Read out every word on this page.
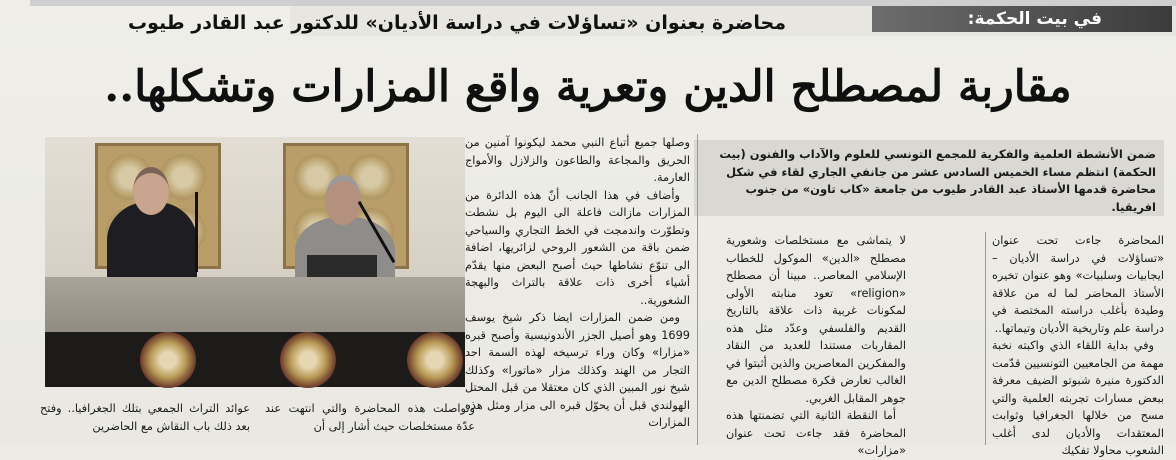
في بيت الحكمة:
محاضرة بعنوان «تساؤلات في دراسة الأديان» للدكتور عبد القادر طيوب
مقاربة لمصطلح الدين وتعرية واقع المزارات وتشكلها..
ضمن الأنشطة العلمية والفكرية للمجمع التونسي للعلوم والآداب والفنون (بيت الحكمة) انتظم مساء الخميس السادس عشر من جانفي الجاري لقاء في شكل محاضرة قدمها الأستاذ عبد القادر طيوب من جامعة «كاب تاون» من جنوب افريقيا.

المحاضرة جاءت تحت عنوان «تساؤلات في دراسة الأديان – ايجابيات وسلبيات» وهو عنوان تخيره الأستاذ المحاضر لما له من علاقة وطيدة بأغلب دراسته المختصة في دراسة علم وتاريخية الأديان وتيماتها..

وفي بداية اللقاء الذي واكبته نخبة مهمة من الجامعيين التونسيين قدّمت الدكتورة منيرة شبوتو الضيف معرفة ببعض مسارات تجربته العلمية والتي مسح من خلالها الجغرافيا وثوابت المعتقدات والأديان لدى أغلب الشعوب محاولا تفكيك

لا يتماشى مع مستخلصات وشعورية مصطلح «الدين» الموكول للخطاب الإسلامي المعاصر.. مبينا أن مصطلح «religion» تعود منابته الأولى لمكونات غربية ذات علاقة بالتاريخ القديم والفلسفي وعدّد مثل هذه المقاربات مستندا للعديد من النقاد والمفكرين المعاصرين والذين أثبتوا في الغالب تعارض فكرة مصطلح الدين مع جوهر المقابل الغربي.

أما النقطة الثانية التي تضمنتها هذه المحاضرة فقد جاءت تحت عنوان «مزارات»

وصلها جميع أتباع النبي محمد ليكونوا آمنين من الحريق والمجاعة والطاعون والزلازل والأمواج العارمة.

وأضاف في هذا الجانب أنّ هذه الدائرة من المزارات مازالت فاعلة الى اليوم بل نشطت وتطوّرت واندمجت في الخط التجاري والسياحي ضمن باقة من الشعور الروحي لزائريها، اضافة الى تنوّع نشاطها حيث أصبح البعض منها يقدّم أشياء أخرى ذات علاقة بالتراث والبهجة الشعورية..

ومن ضمن المزارات ايضا ذكر شيخ يوسف 1699 وهو أصيل الجزر الأندونيسية وأصبح قبره «مزارا» وكان وراء ترسيخه لهذه السمة احد التجار من الهند وكذلك مزار «ماتورا» وكذلك شيخ نور المبين الذي كان معتقلا من قبل المحتل الهولندي قبل أن يحوّل قبره الى مزار ومثل هذه المزارات

وتواصلت هذه المحاضرة والتي انتهت عند عدّة مستخلصات حيث أشار إلى أن
عوائد التراث الجمعي بتلك الجغرافيا.. وفتح بعد ذلك باب النقاش مع الحاضرين
